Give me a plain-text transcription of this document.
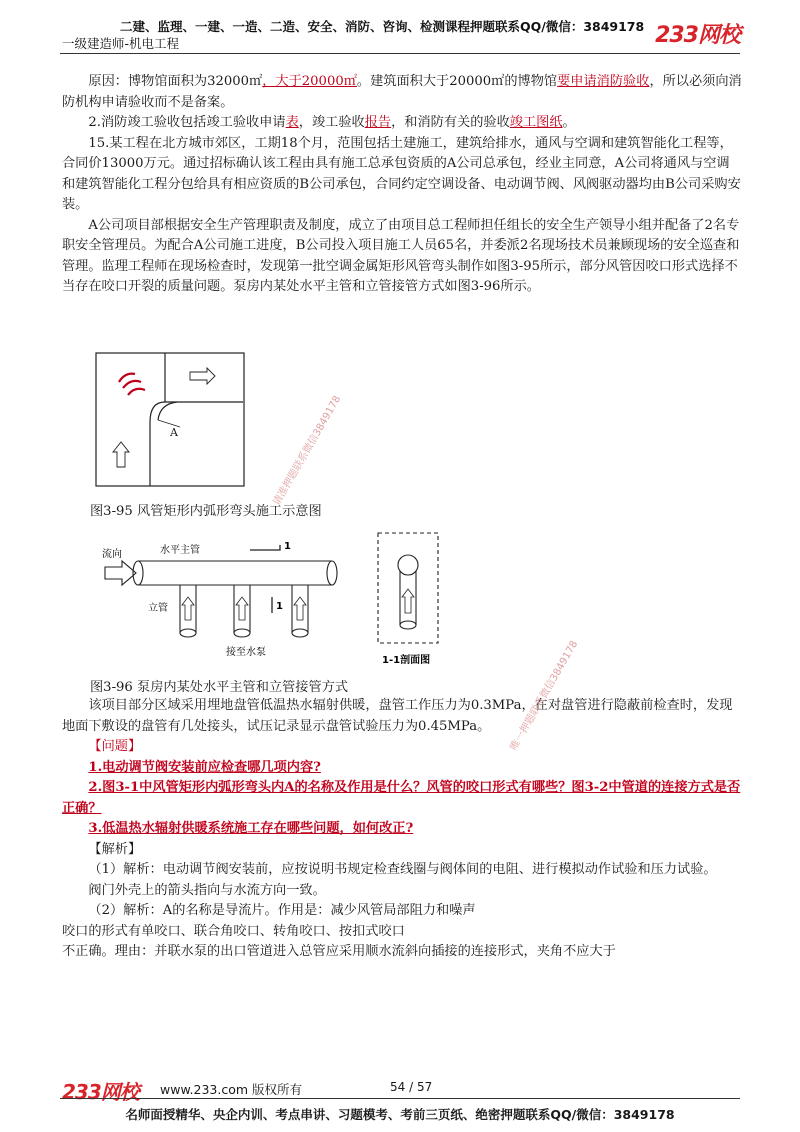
二建、监理、一建、一造、二造、安全、消防、咨询、检测课程押题联系QQ/微信：3849178
一级建造师-机电工程	233网校

原因：博物馆面积为32000㎡，大于20000㎡。建筑面积大于20000㎡的博物馆要申请消防验收，所以必须向消防机构申请验收而不是备案。

2.消防竣工验收包括竣工验收申请表，竣工验收报告，和消防有关的验收竣工图纸。

15.某工程在北方城市郊区，工期18个月，范围包括土建施工，建筑给排水，通风与空调和建筑智能化工程等，合同价13000万元。通过招标确认该工程由具有施工总承包资质的A公司总承包，经业主同意，A公司将通风与空调和建筑智能化工程分包给具有相应资质的B公司承包，合同约定空调设备、电动调节阀、风阀驱动器均由B公司采购安装。

A公司项目部根据安全生产管理职责及制度，成立了由项目总工程师担任组长的安全生产领导小组并配备了2名专职安全管理员。为配合A公司施工进度，B公司投入项目施工人员65名，并委派2名现场技术员兼顾现场的安全巡查和管理。监理工程师在现场检查时，发现第一批空调金属矩形风管弯头制作如图3-95所示，部分风管因咬口形式选择不当存在咬口开裂的质量问题。泵房内某处水平主管和立管接管方式如图3-96所示。

A
图3-95 风管矩形内弧形弯头施工示意图
流向	水平主管	1
1
立管
接至水泵
1-1剖面图
图3-96 泵房内某处水平主管和立管接管方式

该项目部分区域采用埋地盘管低温热水辐射供暖，盘管工作压力为0.3MPa，在对盘管进行隐蔽前检查时，发现地面下敷设的盘管有几处接头，试压记录显示盘管试验压力为0.45MPa。

【问题】

1.电动调节阀安装前应检查哪几项内容?

2.图3-1中风管矩形内弧形弯头内A的名称及作用是什么？风管的咬口形式有哪些？图3-2中管道的连接方式是否正确？

3.低温热水辐射供暖系统施工存在哪些问题，如何改正?

【解析】

（1）解析：电动调节阀安装前，应按说明书规定检查线圈与阀体间的电阻、进行模拟动作试验和压力试验。

阀门外壳上的箭头指向与水流方向一致。

（2）解析：A的名称是导流片。作用是：减少风管局部阻力和噪声

咬口的形式有单咬口、联合角咬口、转角咬口、按扣式咬口

不正确。理由：并联水泵的出口管道进入总管应采用顺水流斜向插接的连接形式，夹角不应大于

请准押题联系微信3849178
唯一押题联系微信3849178
233网校 www.233.com 版权所有	54 / 57
名师面授精华、央企内训、考点串讲、习题模考、考前三页纸、绝密押题联系QQ/微信：3849178
